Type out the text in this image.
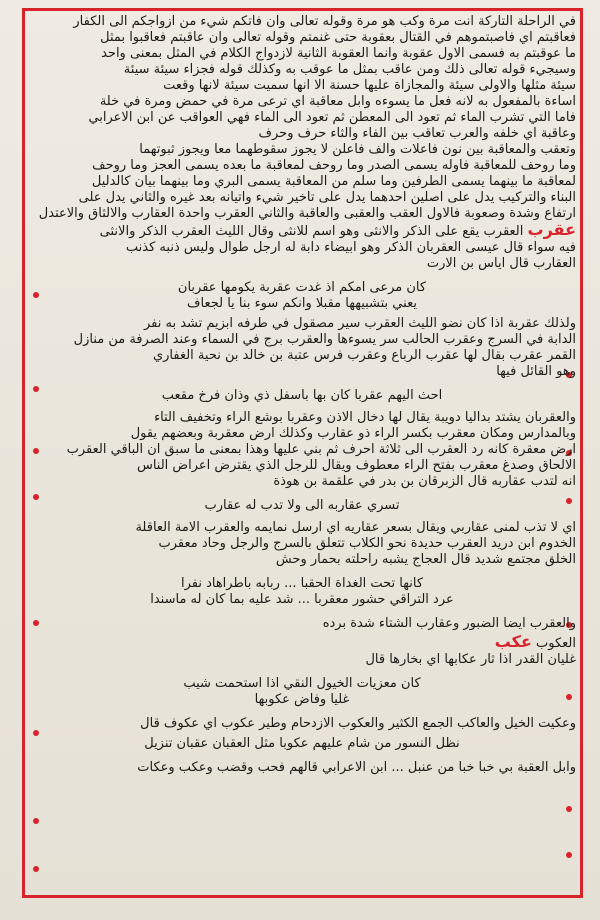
في الراحلة التاركة انت مرة وكب هو مرة وقوله تعالى وان فاتكم شيء من ازواجكم الى الكفار
فعاقبتم اي فاصبتموهم في القتال بعقوبة حتى غنمتم وقوله تعالى وان عاقبتم فعاقبوا بمثل
ما عوقبتم به فسمى الاول عقوبة وانما العقوبة الثانية لازدواج الكلام في المثل بمعنى واحد
وسيجيء قوله تعالى ذلك ومن عاقب بمثل ما عوقب به وكذلك قوله فجزاء سيئة سيئة
سيئة مثلها والاولى سيئة والمجازاة عليها حسنة الا انها سميت سيئة لانها وقعت
اساءة بالمفعول به لانه فعل ما يسوءه وابل معاقبة اي ترعى مرة في حمض ومرة في خلة
فاما التي تشرب الماء ثم تعود الى المعطن ثم تعود الى الماء فهي العواقب عن ابن الاعرابي
وعاقبة اي خلفه والعرب تعاقب بين الفاء والثاء حرف وحرف
وتعقب والمعاقبة بين نون فاعلات والف فاعلن لا يجوز سقوطهما معا ويجوز ثبوتهما
وما روحف للمعاقبة فاوله يسمى الصدر وما روحف لمعاقبة ما بعده يسمى العجز وما روحف
لمعاقبة ما بينهما يسمى الطرفين وما سلم من المعاقبة يسمى البري وما بينهما بيان كالدليل
البناء والتركيب يدل على اصلين احدهما يدل على تأخير شيء واتيانه بعد غيره والثاني يدل على
ارتفاع وشدة وصعوبة فالاول العقب والعقبى والعاقبة والثاني العقرب واحدة العقارب والالثاق والاعتدل
عقرب العقرب يقع على الذكر والانثى وهو اسم للانثى وقال الليث العقرب الذكر والانثى
فيه سواء قال عيسى العقربان الذكر وهو ابيضاء دابة له ارجل طوال وليس ذنبه كذنب
العقارب قال اياس بن الارت
كان مرعى امكم اذ غدت عقربة يكومها عقربان
يعني بتشبيهها مقبلا وانكم سوء بنا يا لجعاف
ولذلك عقربة اذا كان نضو الليث العقرب سير مصقول في طرفه ابزيم تشد به نفر
الدابة في السرج وعقرب الحالب سر يسوءها والعقرب برج في السماء وعند الصرفة من منازل
القمر عقرب بقال لها عقرب الرباع وعقرب فرس عتبة بن خالد بن نحية الغفاري
وهو القائل فيها
احث اليهم عقربا كان بها باسفل ذي وذان فرخ مقعب
والعقربان يشتد بداليا دويبة يقال لها دخال الاذن وعقربا بوشع الراء وتخفيف التاء
وبالمدارس ومكان معقرب بكسر الراء ذو عقارب وكذلك ارض معقربة وبعضهم يقول
ارض معقرة كانه رد العقرب الى ثلاثة احرف ثم بني عليها وهذا بمعنى ما سبق ان الباقي العقرب
الالحاق وصدغ معقرب بفتح الراء معطوف ويقال للرجل الذي يقترض اعراض الناس
انه لتدب عقاربه قال الزبرقان بن بدر في علقمة بن هوذة
تسري عقاربه الى ولا تدب له عقارب
اي لا تذب لمنى عقاربي ويقال بسعر عقاريه اي ارسل نمايمه والعقرب الامة العاقلة
الخدوم ابن دريد العقرب حديدة نحو الكلاب تتعلق بالسرج والرجل وحاد معقرب
الخلق مجتمع شديد قال العجاج يشبه راحلته بحمار وحش
كانها تحت الغداة الحقبا ... ربابه باطراهاد نفرا
عرد التراقي حشور معقربا ... شد عليه بما كان له ماسندا
والعقرب ايضا الضبور وعقارب الشتاء شدة برده
العكوب عكب
غليان القدر اذا ثار عكابها اي بخارها قال
كان معزيات الخيول النقي اذا استحمت شيب
غليا وفاض عكوبها
وعكيت الخيل والعاكب الجمع الكثير والعكوب الازدحام وطير عكوب اي عكوف قال
نظل النسور من شام عليهم عكوبا مثل العقبان عقبان تنزيل
وابل العقبة بي خبا خبا من عنبل ... ابن الاعرابي قالهم فحب وقضب وعكب وعكات
